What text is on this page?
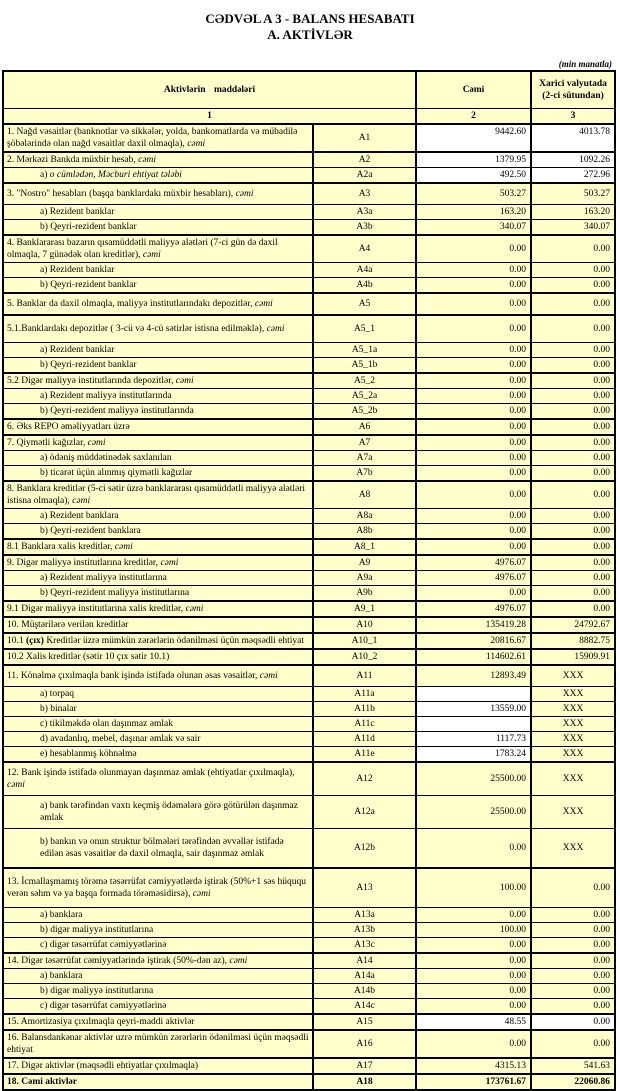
CƏDVƏL A 3 - BALANS HESABATI
A. AKTİVLƏR
(min manatla)
Aktivlərin maddələri		Cəmi	Xarici valyutada (2-ci sütundan)
1		2	3
1. Nağd vəsaitlər (banknotlar və sikkələr, yolda, bankomatlarda və mübadilə şöbələrində olan nağd vəsaitlər daxil olmaqla), cəmi	A1	9442.60	4013.78
2. Mərkəzi Bankda müxbir hesab, cəmi	A2	1379.95	1092.26
a) o cümlədən, Məcburi ehtiyat tələbi	A2a	492.50	272.96
3. "Nostro" hesabları (başqa banklardakı müxbir hesabları), cəmi	A3	503.27	503.27
a) Rezident banklar	A3a	163.20	163.20
b) Qeyri-rezident banklar	A3b	340.07	340.07
4. Banklararası bazarın qısamüddətli maliyyə alətləri (7-ci gün də daxil olmaqla, 7 günədək olan kreditlər), cəmi	A4	0.00	0.00
a) Rezident banklar	A4a	0.00	0.00
b) Qeyri-rezident banklar	A4b	0.00	0.00
5. Banklar da daxil olmaqla, maliyyə institutlarındakı depozitlər, cəmi	A5	0.00	0.00
5.1.Banklardakı depozitlər ( 3-cü və 4-cü sətirlər istisna edilməklə), cəmi	A5_1	0.00	0.00
a) Rezident banklar	A5_1a	0.00	0.00
b) Qeyri-rezident banklar	A5_1b	0.00	0.00
5.2 Digər maliyyə institutlarında depozitlər, cəmi	A5_2	0.00	0.00
a) Rezident maliyyə institutlarında	A5_2a	0.00	0.00
b) Qeyri-rezident maliyyə institutlarında	A5_2b	0.00	0.00
6. Əks REPO əməliyyatları üzrə	A6	0.00	0.00
7. Qiymətli kağızlar, cəmi	A7	0.00	0.00
a) ödəniş müddətinədək saxlanılan	A7a	0.00	0.00
b) ticarət üçün alınmış qiymətli kağızlar	A7b	0.00	0.00
8. Banklara kreditlər (5-ci sətir üzrə banklararası qısamüddətli maliyyə alətləri istisna olmaqla), cəmi	A8	0.00	0.00
a) Rezident banklara	A8a	0.00	0.00
b) Qeyri-rezident banklara	A8b	0.00	0.00
8.1 Banklara xalis kreditlər, cəmi	A8_1	0.00	0.00
9. Digər maliyyə institutlarına kreditlər, cəmi	A9	4976.07	0.00
a) Rezident maliyyə institutlarına	A9a	4976.07	0.00
b) Qeyri-rezident maliyyə institutlarına	A9b	0.00	0.00
9.1 Digər maliyyə institutlarına xalis kreditlər, cəmi	A9_1	4976.07	0.00
10. Müştərilərə verilən kreditlər	A10	135419.28	24792.67
10.1 (çıx) Kreditlər üzrə mümkün zərərlərin ödənilməsi üçün məqsədli ehtiyat	A10_1	20816.67	8882.75
10.2 Xalis kreditlər (sətir 10 çıx sətir 10.1)	A10_2	114602.61	15909.91
11. Könəlmə çıxılmaqla bank işində istifadə olunan əsas vəsaitlər, cəmi	A11	12893.49	XXX
a) torpaq	A11a		XXX
b) binalar	A11b	13559.00	XXX
c) tikilməkdə olan daşınmaz əmlak	A11c		XXX
d) avadanlıq, mebel, daşınar əmlak və sair	A11d	1117.73	XXX
e) hesablanmış köhnəlmə	A11e	1783.24	XXX
12. Bank işində istifadə olunmayan daşınmaz əmlak (ehtiyatlar çıxılmaqla), cəmi	A12	25500.00	XXX
a) bank tərəfindən vaxtı keçmiş ödəmələrə görə götürülən daşınmaz əmlak	A12a	25500.00	XXX
b) bankın və onun struktur bölmələri tərəfindən əvvəllər istifadə edilən əsas vəsaitlər də daxil olmaqla, sair daşınmaz əmlak	A12b	0.00	XXX
13. İcmallaşmamış törəmə təsərrüfat cəmiyyətlərdə iştirak (50%+1 səs hüququ verən səhm və ya başqa formada törəməsidirsə), cəmi	A13	100.00	0.00
a) banklara	A13a	0.00	0.00
b) digər maliyyə institutlarına	A13b	100.00	0.00
c) digər təsərrüfat cəmiyyətlərinə	A13c	0.00	0.00
14. Digər təsərrüfat cəmiyyətlərində iştirak (50%-dən az), cəmi	A14	0.00	0.00
a) banklara	A14a	0.00	0.00
b) digər maliyyə institutlarına	A14b	0.00	0.00
c) digər təsərrüfat cəmiyyətlərinə	A14c	0.00	0.00
15. Amortizasiya çıxılmaqla qeyri-maddi aktivlər	A15	48.55	0.00
16. Balansdankənar aktivlər uzrə mümkün zərərlərin ödənilməsi üçün məqsədli ehtiyat	A16	0.00	0.00
17. Digər aktivlər (məqsədli ehtiyatlar çıxılmaqla)	A17	4315.13	541.63
18. Cəmi aktivlər	A18	173761.67	22060.86
